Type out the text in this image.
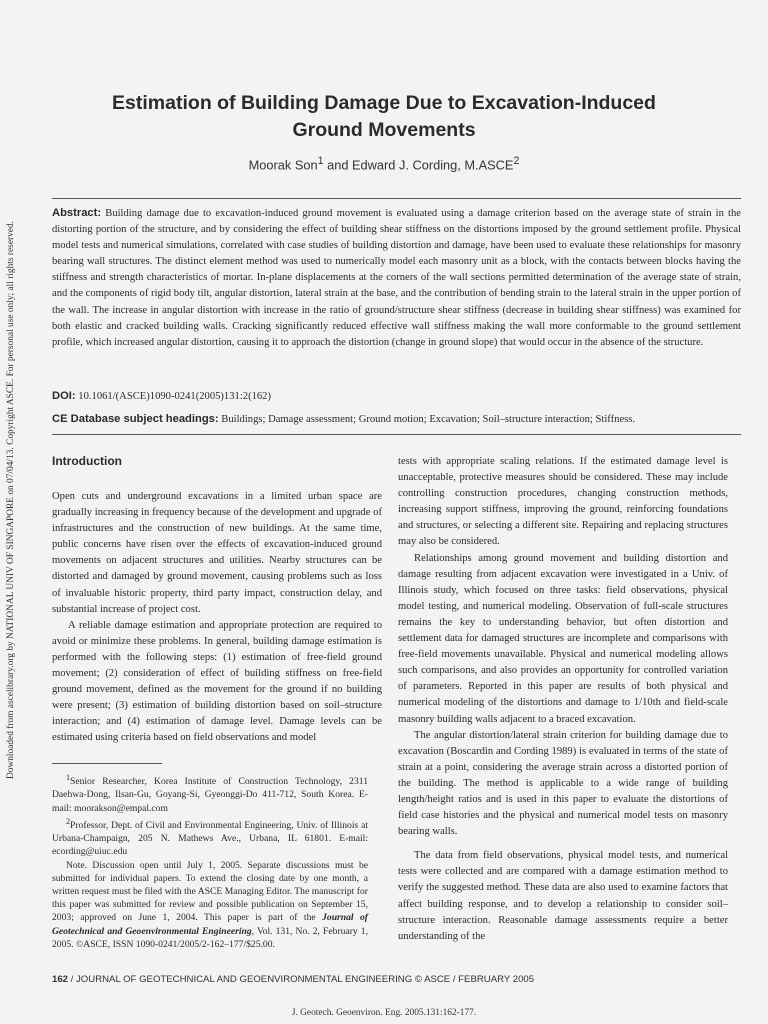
Downloaded from ascelibrary.org by NATIONAL UNIV OF SINGAPORE on 07/04/13. Copyright ASCE. For personal use only; all rights reserved.
Estimation of Building Damage Due to Excavation-Induced
Ground Movements
Moorak Son$^1$ and Edward J. Cording, M.ASCE$^2$

Abstract: Building damage due to excavation-induced ground movement is evaluated using a damage criterion based on the average state of strain in the distorting portion of the structure, and by considering the effect of building shear stiffness on the distortions imposed by the ground settlement profile. Physical model tests and numerical simulations, correlated with case studies of building distortion and damage, have been used to evaluate these relationships for masonry bearing wall structures. The distinct element method was used to numerically model each masonry unit as a block, with the contacts between blocks having the stiffness and strength characteristics of mortar. In-plane displacements at the corners of the wall sections permitted determination of the average state of strain, and the components of rigid body tilt, angular distortion, lateral strain at the base, and the contribution of bending strain to the lateral strain in the upper portion of the wall. The increase in angular distortion with increase in the ratio of ground/structure shear stiffness (decrease in building shear stiffness) was examined for both elastic and cracked building walls. Cracking significantly reduced effective wall stiffness making the wall more conformable to the ground settlement profile, which increased angular distortion, causing it to approach the distortion (change in ground slope) that would occur in the absence of the structure.

DOI: 10.1061/(ASCE)1090-0241(2005)131:2(162)
CE Database subject headings: Buildings; Damage assessment; Ground motion; Excavation; Soil–structure interaction; Stiffness.
Introduction

Open cuts and underground excavations in a limited urban space are gradually increasing in frequency because of the development and upgrade of infrastructures and the construction of new buildings. At the same time, public concerns have risen over the effects of excavation-induced ground movements on adjacent structures and utilities. Nearby structures can be distorted and damaged by ground movement, causing problems such as loss of invaluable historic property, third party impact, construction delay, and substantial increase of project cost.

A reliable damage estimation and appropriate protection are required to avoid or minimize these problems. In general, building damage estimation is performed with the following steps: (1) estimation of free-field ground movement; (2) consideration of effect of building stiffness on free-field ground movement, defined as the movement for the ground if no building were present; (3) estimation of building distortion based on soil–structure interaction; and (4) estimation of damage level. Damage levels can be estimated using criteria based on field observations and model

$^1$Senior Researcher, Korea Institute of Construction Technology, 2311 Daehwa-Dong, Ilsan-Gu, Goyang-Si, Gyeonggi-Do 411-712, South Korea. E-mail: moorakson@empal.com

$^2$Professor, Dept. of Civil and Environmental Engineering, Univ. of Illinois at Urbana-Champaign, 205 N. Mathews Ave., Urbana, IL 61801. E-mail: ecording@uiuc.edu

Note. Discussion open until July 1, 2005. Separate discussions must be submitted for individual papers. To extend the closing date by one month, a written request must be filed with the ASCE Managing Editor. The manuscript for this paper was submitted for review and possible publication on September 15, 2003; approved on June 1, 2004. This paper is part of the Journal of Geotechnical and Geoenvironmental Engineering, Vol. 131, No. 2, February 1, 2005. ©ASCE, ISSN 1090-0241/2005/2-162–177/$25.00.

tests with appropriate scaling relations. If the estimated damage level is unacceptable, protective measures should be considered. These may include controlling construction procedures, changing construction methods, increasing support stiffness, improving the ground, reinforcing foundations and structures, or selecting a different site. Repairing and replacing structures may also be considered.

Relationships among ground movement and building distortion and damage resulting from adjacent excavation were investigated in a Univ. of Illinois study, which focused on three tasks: field observations, physical model testing, and numerical modeling. Observation of full-scale structures remains the key to understanding behavior, but often distortion and settlement data for damaged structures are incomplete and comparisons with free-field movements unavailable. Physical and numerical modeling allows such comparisons, and also provides an opportunity for controlled variation of parameters. Reported in this paper are results of both physical and numerical modeling of the distortions and damage to 1/10th and field-scale masonry building walls adjacent to a braced excavation.

The angular distortion/lateral strain criterion for building damage due to excavation (Boscardin and Cording 1989) is evaluated in terms of the state of strain at a point, considering the average strain across a distorted portion of the building. The method is applicable to a wide range of building length/height ratios and is used in this paper to evaluate the distortions of field case histories and the physical and numerical model tests on masonry bearing walls.

The data from field observations, physical model tests, and numerical tests were collected and are compared with a damage estimation method to verify the suggested method. These data are also used to examine factors that affect building response, and to develop a relationship to consider soil–structure interaction. Reasonable damage assessments require a better understanding of the

162 / JOURNAL OF GEOTECHNICAL AND GEOENVIRONMENTAL ENGINEERING © ASCE / FEBRUARY 2005
J. Geotech. Geoenviron. Eng. 2005.131:162-177.
